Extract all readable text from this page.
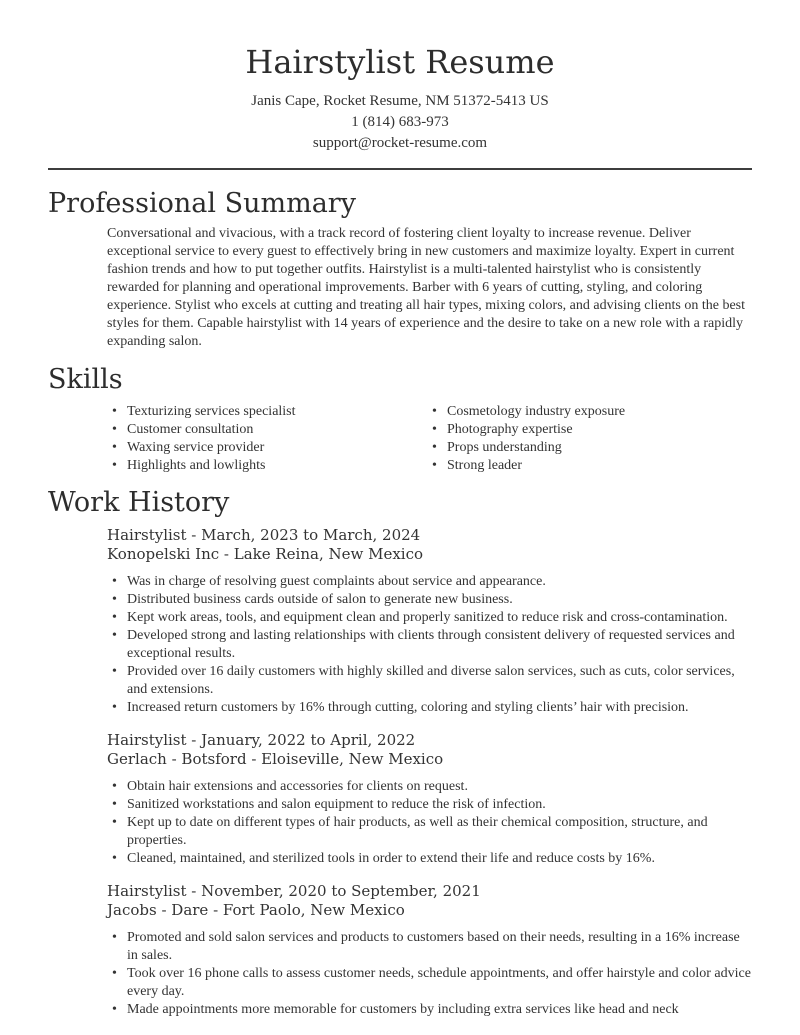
Hairstylist Resume

Janis Cape, Rocket Resume, NM 51372-5413 US

1 (814) 683-973

support@rocket-resume.com

Professional Summary

Conversational and vivacious, with a track record of fostering client loyalty to increase revenue. Deliver exceptional service to every guest to effectively bring in new customers and maximize loyalty. Expert in current fashion trends and how to put together outfits. Hairstylist is a multi-talented hairstylist who is consistently rewarded for planning and operational improvements. Barber with 6 years of cutting, styling, and coloring experience. Stylist who excels at cutting and treating all hair types, mixing colors, and advising clients on the best styles for them. Capable hairstylist with 14 years of experience and the desire to take on a new role with a rapidly expanding salon.

Skills
• Texturizing services specialist
• Customer consultation
• Waxing service provider
• Highlights and lowlights
• Cosmetology industry exposure
• Photography expertise
• Props understanding
• Strong leader
Work History
Hairstylist - March, 2023 to March, 2024
Konopelski Inc - Lake Reina, New Mexico
• Was in charge of resolving guest complaints about service and appearance.
• Distributed business cards outside of salon to generate new business.
• Kept work areas, tools, and equipment clean and properly sanitized to reduce risk and cross-contamination.
• Developed strong and lasting relationships with clients through consistent delivery of requested services and exceptional results.
• Provided over 16 daily customers with highly skilled and diverse salon services, such as cuts, color services, and extensions.
• Increased return customers by 16% through cutting, coloring and styling clients’ hair with precision.
Hairstylist - January, 2022 to April, 2022
Gerlach - Botsford - Eloiseville, New Mexico
• Obtain hair extensions and accessories for clients on request.
• Sanitized workstations and salon equipment to reduce the risk of infection.
• Kept up to date on different types of hair products, as well as their chemical composition, structure, and properties.
• Cleaned, maintained, and sterilized tools in order to extend their life and reduce costs by 16%.
Hairstylist - November, 2020 to September, 2021
Jacobs - Dare - Fort Paolo, New Mexico
• Promoted and sold salon services and products to customers based on their needs, resulting in a 16% increase in sales.
• Took over 16 phone calls to assess customer needs, schedule appointments, and offer hairstyle and color advice every day.
• Made appointments more memorable for customers by including extra services like head and neck
